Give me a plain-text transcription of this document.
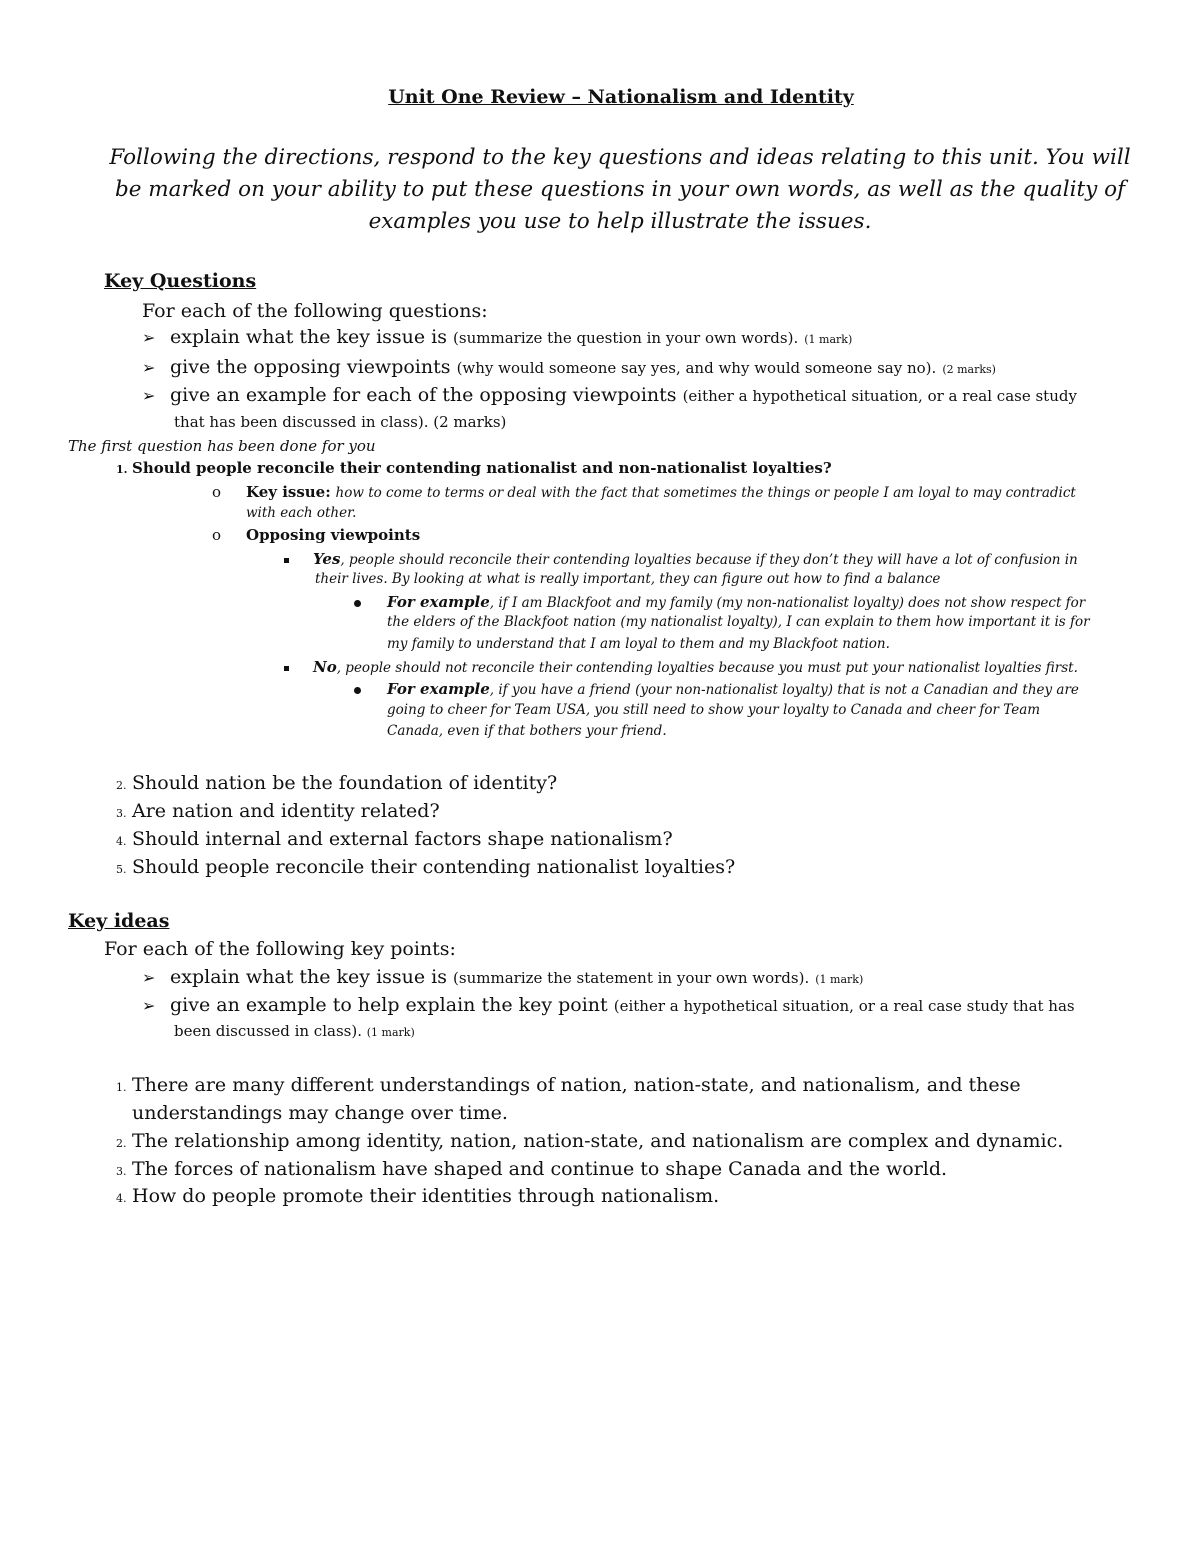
Unit One Review – Nationalism and Identity
Following the directions, respond to the key questions and ideas relating to this unit. You will be marked on your ability to put these questions in your own words, as well as the quality of examples you use to help illustrate the issues.
Key Questions
For each of the following questions:
➢ explain what the key issue is (summarize the question in your own words). (1 mark)
➢ give the opposing viewpoints (why would someone say yes, and why would someone say no). (2 marks)
➢ give an example for each of the opposing viewpoints (either a hypothetical situation, or a real case study
that has been discussed in class). (2 marks)
The first question has been done for you
1. Should people reconcile their contending nationalist and non-nationalist loyalties?
o Key issue: how to come to terms or deal with the fact that sometimes the things or people I am loyal to may contradict
with each other.
o Opposing viewpoints
Yes, people should reconcile their contending loyalties because if they don’t they will have a lot of confusion in
their lives. By looking at what is really important, they can figure out how to find a balance
For example, if I am Blackfoot and my family (my non-nationalist loyalty) does not show respect for
the elders of the Blackfoot nation (my nationalist loyalty), I can explain to them how important it is for
my family to understand that I am loyal to them and my Blackfoot nation.
No, people should not reconcile their contending loyalties because you must put your nationalist loyalties first.
For example, if you have a friend (your non-nationalist loyalty) that is not a Canadian and they are
going to cheer for Team USA, you still need to show your loyalty to Canada and cheer for Team
Canada, even if that bothers your friend.
2. Should nation be the foundation of identity?
3. Are nation and identity related?
4. Should internal and external factors shape nationalism?
5. Should people reconcile their contending nationalist loyalties?
Key ideas
For each of the following key points:
➢ explain what the key issue is (summarize the statement in your own words). (1 mark)
➢ give an example to help explain the key point (either a hypothetical situation, or a real case study that has
been discussed in class). (1 mark)
1. There are many different understandings of nation, nation-state, and nationalism, and these
understandings may change over time.
2. The relationship among identity, nation, nation-state, and nationalism are complex and dynamic.
3. The forces of nationalism have shaped and continue to shape Canada and the world.
4. How do people promote their identities through nationalism.
